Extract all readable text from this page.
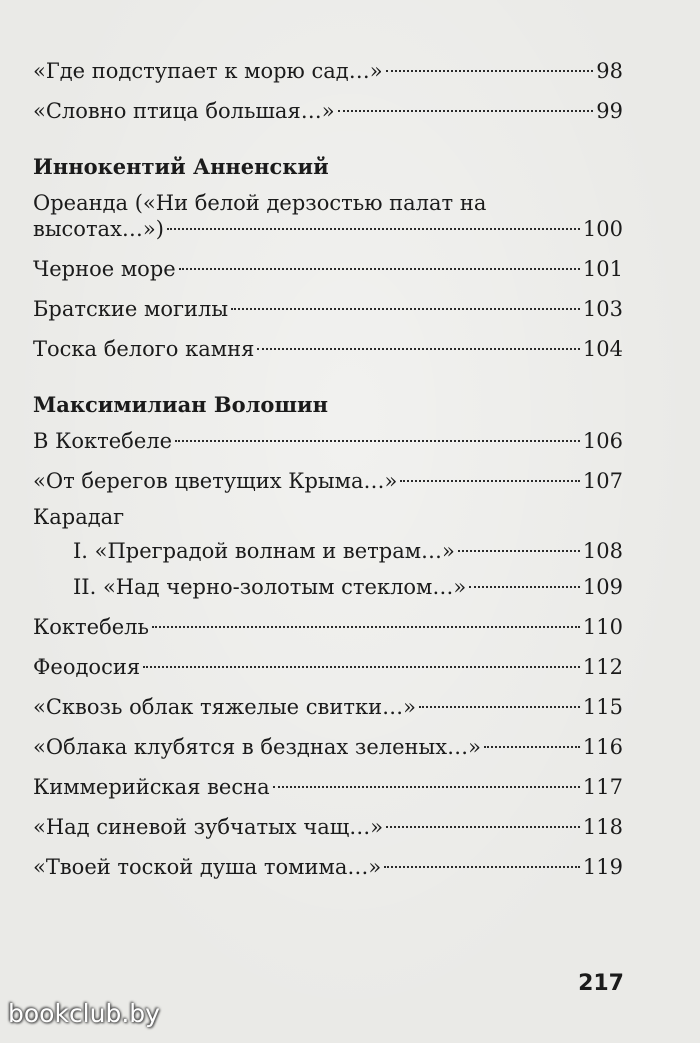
«Где подступает к морю сад…»	98
«Словно птица большая…»	99
Иннокентий Анненский
Ореанда («Ни белой дерзостью палат на
высотах…»)	100
Черное море	101
Братские могилы	103
Тоска белого камня	104
Максимилиан Волошин
В Коктебеле	106
«От берегов цветущих Крыма…»	107
Карадаг
I. «Преградой волнам и ветрам…»	108
II. «Над черно-золотым стеклом…»	109
Коктебель	110
Феодосия	112
«Сквозь облак тяжелые свитки…»	115
«Облака клубятся в безднах зеленых…»	116
Киммерийская весна	117
«Над синевой зубчатых чащ…»	118
«Твоей тоской душа томима…»	119
217
bookclub.by
